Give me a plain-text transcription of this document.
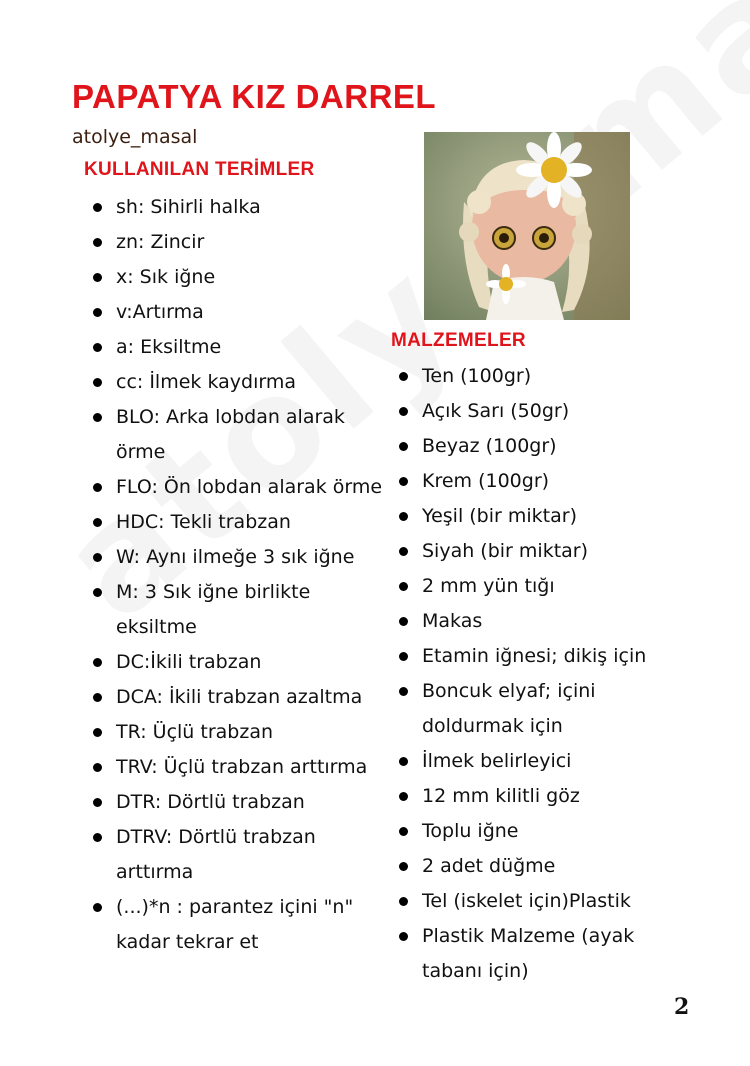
PAPATYA KIZ DARREL
atolye_masal
KULLANILAN TERİMLER
sh: Sihirli halka
zn: Zincir
x: Sık iğne
v:Artırma
a: Eksiltme
cc: İlmek kaydırma
BLO: Arka lobdan alarak örme
FLO: Ön lobdan alarak örme
HDC: Tekli trabzan
W: Aynı ilmeğe 3 sık iğne
M: 3 Sık iğne birlikte eksiltme
DC:İkili trabzan
DCA: İkili trabzan azaltma
TR: Üçlü trabzan
TRV: Üçlü trabzan arttırma
DTR: Dörtlü trabzan
DTRV: Dörtlü trabzan arttırma
(...)*n : parantez içini "n" kadar tekrar et
MALZEMELER
Ten (100gr)
Açık Sarı (50gr)
Beyaz (100gr)
Krem (100gr)
Yeşil (bir miktar)
Siyah (bir miktar)
2 mm yün tığı
Makas
Etamin iğnesi; dikiş için
Boncuk elyaf; içini doldurmak için
İlmek belirleyici
12 mm kilitli göz
Toplu iğne
2 adet düğme
Tel (iskelet için)Plastik
Plastik Malzeme (ayak tabanı için)
2
